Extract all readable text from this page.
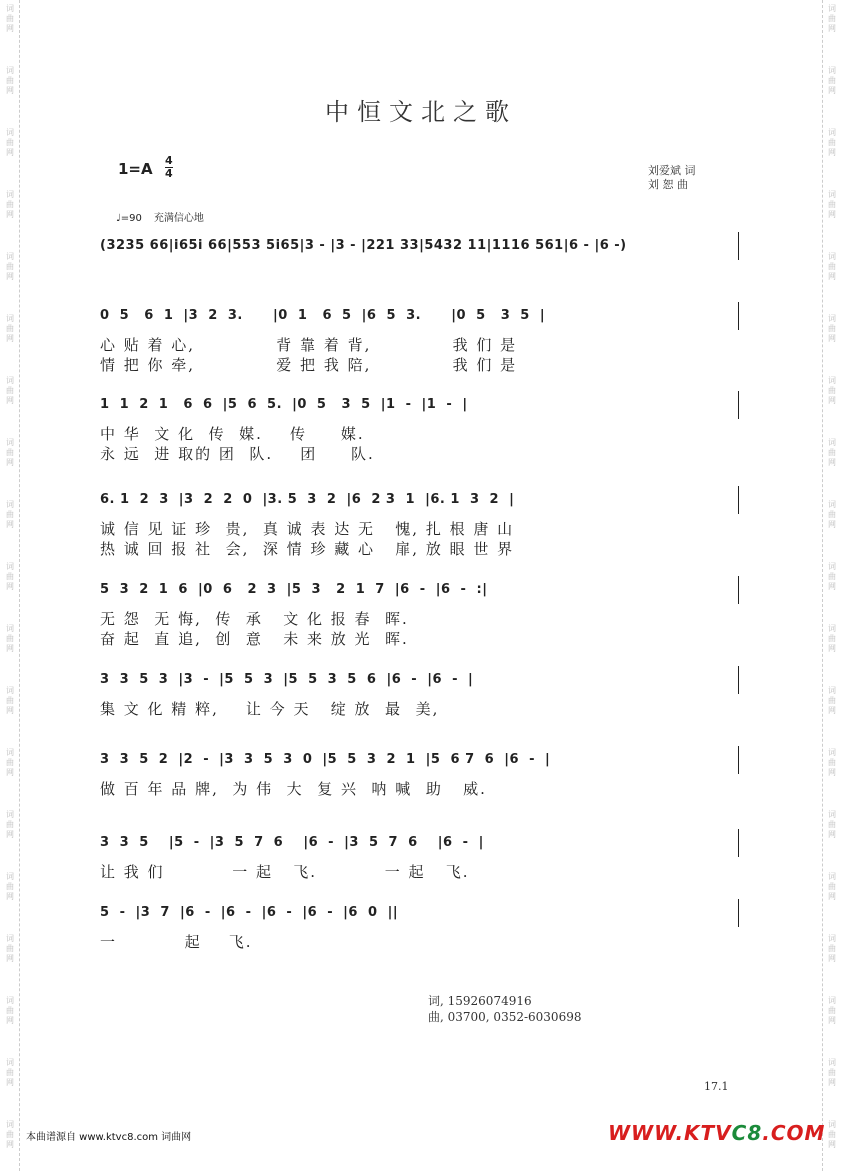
词曲网
词曲网
词曲网
词曲网
词曲网
词曲网
词曲网
词曲网
词曲网
词曲网
词曲网
词曲网
词曲网
词曲网
词曲网
词曲网
词曲网
词曲网
词曲网
词曲网
词曲网
词曲网
词曲网
词曲网
词曲网
词曲网
词曲网
词曲网
词曲网
词曲网
词曲网
词曲网
词曲网
词曲网
词曲网
词曲网
词曲网
词曲网
中恒文北之歌
1=A 4
4	刘爱斌 词
刘 恕 曲
♩=90 充满信心地
(3235 66|i65i 66|553 5i65|3 - |3 - |221 33|5432 11|1116 561|6 - |6 -)
0  5   6  1  |3  2  3.      |0  1   6  5  |6  5  3.      |0  5   3  5  |
心 贴 着 心,            背 靠 着 背,            我 们 是
情 把 你 牵,            爱 把 我 陪,            我 们 是
1  1  2  1   6  6  |5  6  5.  |0  5   3  5  |1  -  |1  -  |
中 华  文 化  传  媒.    传     媒.
永 远  进 取的 团  队.    团     队.
6. 1  2  3  |3  2  2  0  |3. 5  3  2  |6  2 3  1  |6. 1  3  2  |
诚 信 见 证 珍  贵,  真 诚 表 达 无   愧, 扎 根 唐 山
热 诚 回 报 社  会,  深 情 珍 藏 心   扉, 放 眼 世 界
5  3  2  1  6  |0  6   2  3  |5  3   2  1  7  |6  -  |6  -  :|
无 怨  无 悔,  传  承   文 化 报 春  晖.
奋 起  直 追,  创  意   未 来 放 光  晖.
3  3  5  3  |3  -  |5  5  3  |5  5  3  5  6  |6  -  |6  -  |
集 文 化 精 粹,    让 今 天   绽 放  最  美,
3  3  5  2  |2  -  |3  3  5  3  0  |5  5  3  2  1  |5  6 7  6  |6  -  |
做 百 年 品 牌,  为 伟  大  复 兴  呐 喊  助   威.
3  3  5    |5  -  |3  5  7  6    |6  -  |3  5  7  6    |6  -  |
让 我 们          一 起   飞.          一 起   飞.
5  -  |3  7  |6  -  |6  -  |6  -  |6  -  |6  0  ||
一          起    飞.
词, 15926074916
曲, 03700, 0352-6030698
17.1
本曲谱源自 www.ktvc8.com 词曲网	WWW.KTVC8.COM
